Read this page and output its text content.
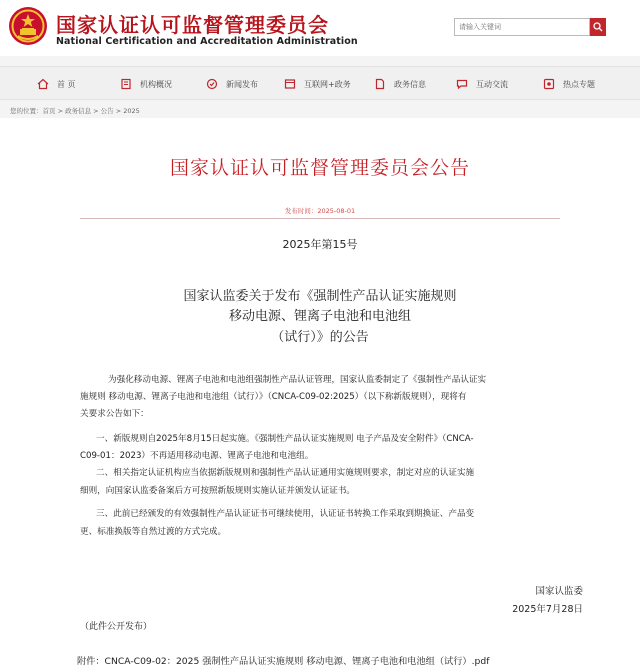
国家认证认可监督管理委员会
National Certification and Accreditation Administration
请输入关键词
首 页	机构概况	新闻发布	互联网+政务	政务信息	互动交流	热点专题
您的位置：首页 > 政务信息 > 公告 > 2025
国家认证认可监督管理委员会公告
发布时间：2025-08-01
2025年第15号
国家认监委关于发布《强制性产品认证实施规则
移动电源、锂离子电池和电池组
（试行）》的公告
为强化移动电源、锂离子电池和电池组强制性产品认证管理，国家认监委制定了《强制性产品认证实
施规则 移动电源、锂离子电池和电池组（试行）》（CNCA-C09-02:2025）（以下称新版规则），现将有
关要求公告如下：
一、新版规则自2025年8月15日起实施。《强制性产品认证实施规则 电子产品及安全附件》（CNCA-
C09-01：2023）不再适用移动电源、锂离子电池和电池组。
二、相关指定认证机构应当依据新版规则和强制性产品认证通用实施规则要求，制定对应的认证实施
细则，向国家认监委备案后方可按照新版规则实施认证并颁发认证证书。
三、此前已经颁发的有效强制性产品认证证书可继续使用，认证证书转换工作采取到期换证、产品变
更、标准换版等自然过渡的方式完成。
国家认监委
2025年7月28日
（此件公开发布）
附件：CNCA-C09-02：2025 强制性产品认证实施规则 移动电源、锂离子电池和电池组（试行）.pdf
